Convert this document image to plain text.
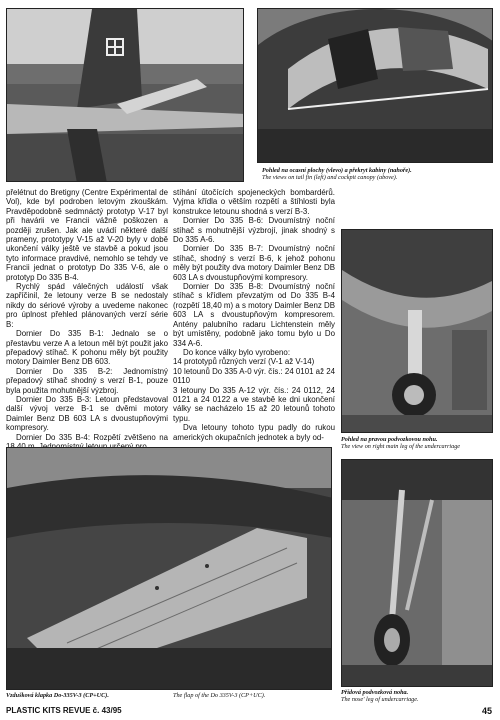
Pohled na ocasní plochy (vlevo) a překryt kabiny (nahoře).
The views on tail fin (left) and cockpit canopy (above).

přelétnut do Bretigny (Centre Expérimental de Vol), kde byl podroben letovým zkouškám. Pravděpodobně sedmnáctý prototyp V-17 byl při havárii ve Francii vážně poškozen a později zrušen. Jak ale uvádí některé další prameny, prototypy V-15 až V-20 byly v době ukončení války ještě ve stavbě a pokud jsou tyto informace pravdivé, nemohlo se tehdy ve Francii jednat o prototyp Do 335 V-6, ale o prototyp Do 335 B-4.

Rychlý spád válečných událostí však zapříčinil, že letouny verze B se nedostaly nikdy do sériové výroby a uvedeme nakonec pro úplnost přehled plánovaných verzí série B:

Dornier Do 335 B-1: Jednalo se o přestavbu verze A a letoun měl být použit jako přepadový stíhač. K pohonu měly být použity motory Daimler Benz DB 603.

Dornier Do 335 B-2: Jednomístný přepadový stíhač shodný s verzí B-1, pouze byla použita mohutnější výzbroj.

Dornier Do 335 B-3: Letoun představoval další vývoj verze B-1 se dvěmi motory Daimler Benz DB 603 LA s dvoustupňovými kompresory.

Dornier Do 335 B-4: Rozpětí zvětšeno na

stíhání útočících spojeneckých bombardérů. Vyjma křídla o větším rozpětí a štíhlosti byla konstrukce letounu shodná s verzí B-3.

Dornier Do 335 B-6: Dvoumístný noční stíhač s mohutnější výzbrojí, jinak shodný s Do 335 A-6.

Dornier Do 335 B-7: Dvoumístný noční stíhač, shodný s verzí B-6, k jehož pohonu měly být použity dva motory Daimler Benz DB 603 LA s dvoustupňovými kompresory.

Dornier Do 335 B-8: Dvoumístný noční stíhač s křídlem převzatým od Do 335 B-4 (rozpětí 18,40 m) a s motory Daimler Benz DB 603 LA s dvoustupňovým kompresorem. Antény palubního radaru Lichtenstein měly být umístěny, podobně jako tomu bylo u Do 334 A-6.

Do konce války bylo vyrobeno:

14 prototypů různých verzí (V-1 až V-14)

10 letounů Do 335 A-0 výr. čís.: 24 0101 až 24 0110

3 letouny Do 335 A-12 výr. čís.: 24 0112, 24 0121 a 24 0122 a ve stavbě ke dni ukončení války se nacházelo 15 až 20 letounů tohoto typu.

Dva letouny tohoto typu padly do rukou amerických okupačních jednotek a byly od-	Pohled na pravou podvozkovou nohu.
The view on right main leg of the undercarriage
Vzdušková klapka Do-335V-3 (CP+UC).	The flap of the Do 335V-3 (CP+UC).	Přídová podvozková noha.
The nose' leg of undercarriage.
PLASTIC KITS REVUE č. 43/95	45
